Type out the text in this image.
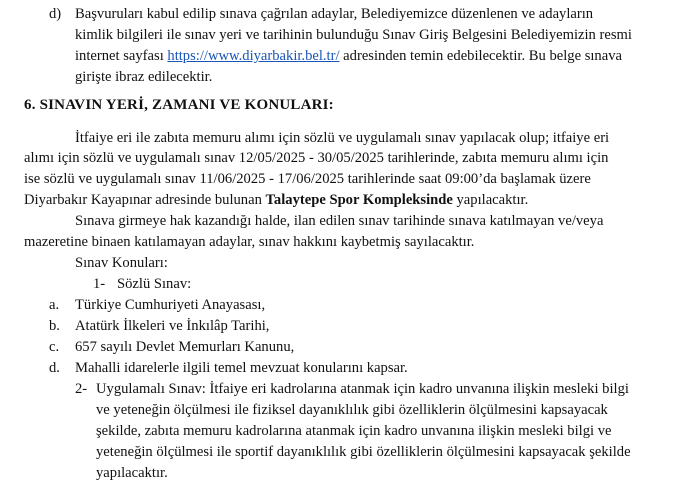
d) Başvuruları kabul edilip sınava çağrılan adaylar, Belediyemizce düzenlenen ve adayların
kimlik bilgileri ile sınav yeri ve tarihinin bulunduğu Sınav Giriş Belgesini Belediyemizin resmi
internet sayfası https://www.diyarbakir.bel.tr/ adresinden temin edebilecektir. Bu belge sınava
girişte ibraz edilecektir.
6. SINAVIN YERİ, ZAMANI VE KONULARI:
İtfaiye eri ile zabıta memuru alımı için sözlü ve uygulamalı sınav yapılacak olup; itfaiye eri
alımı için sözlü ve uygulamalı sınav 12/05/2025 - 30/05/2025 tarihlerinde, zabıta memuru alımı için
ise sözlü ve uygulamalı sınav 11/06/2025 - 17/06/2025 tarihlerinde saat 09:00’da başlamak üzere
Diyarbakır Kayapınar adresinde bulunan Talaytepe Spor Kompleksinde yapılacaktır.
Sınava girmeye hak kazandığı halde, ilan edilen sınav tarihinde sınava katılmayan ve/veya
mazeretine binaen katılamayan adaylar, sınav hakkını kaybetmiş sayılacaktır.
Sınav Konuları:
1- Sözlü Sınav:
a. Türkiye Cumhuriyeti Anayasası,
b. Atatürk İlkeleri ve İnkılâp Tarihi,
c. 657 sayılı Devlet Memurları Kanunu,
d. Mahalli idarelerle ilgili temel mevzuat konularını kapsar.
2- Uygulamalı Sınav: İtfaiye eri kadrolarına atanmak için kadro unvanına ilişkin mesleki bilgi
ve yeteneğin ölçülmesi ile fiziksel dayanıklılık gibi özelliklerin ölçülmesini kapsayacak
şekilde, zabıta memuru kadrolarına atanmak için kadro unvanına ilişkin mesleki bilgi ve
yeteneğin ölçülmesi ile sportif dayanıklılık gibi özelliklerin ölçülmesini kapsayacak şekilde
yapılacaktır.
